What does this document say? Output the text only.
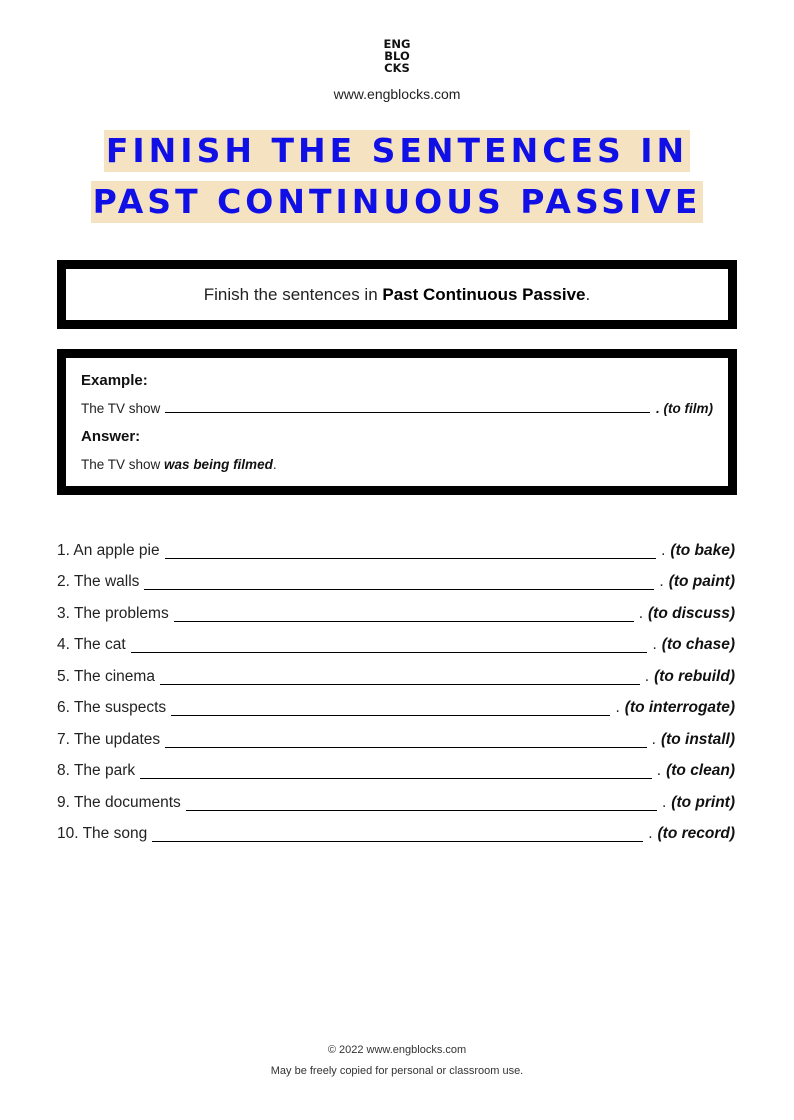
ENG
BLO
CKS
www.engblocks.com
FINISH THE SENTENCES IN
PAST CONTINUOUS PASSIVE
Finish the sentences in Past Continuous Passive.
Example:
The TV show	. (to film)
Answer:
The TV show was being filmed .
1. An apple pie	. (to bake)
2. The walls	. (to paint)
3. The problems	. (to discuss)
4. The cat	. (to chase)
5. The cinema	. (to rebuild)
6. The suspects	. (to interrogate)
7. The updates	. (to install)
8. The park	. (to clean)
9. The documents	. (to print)
10. The song	. (to record)
© 2022 www.engblocks.com
May be freely copied for personal or classroom use.
